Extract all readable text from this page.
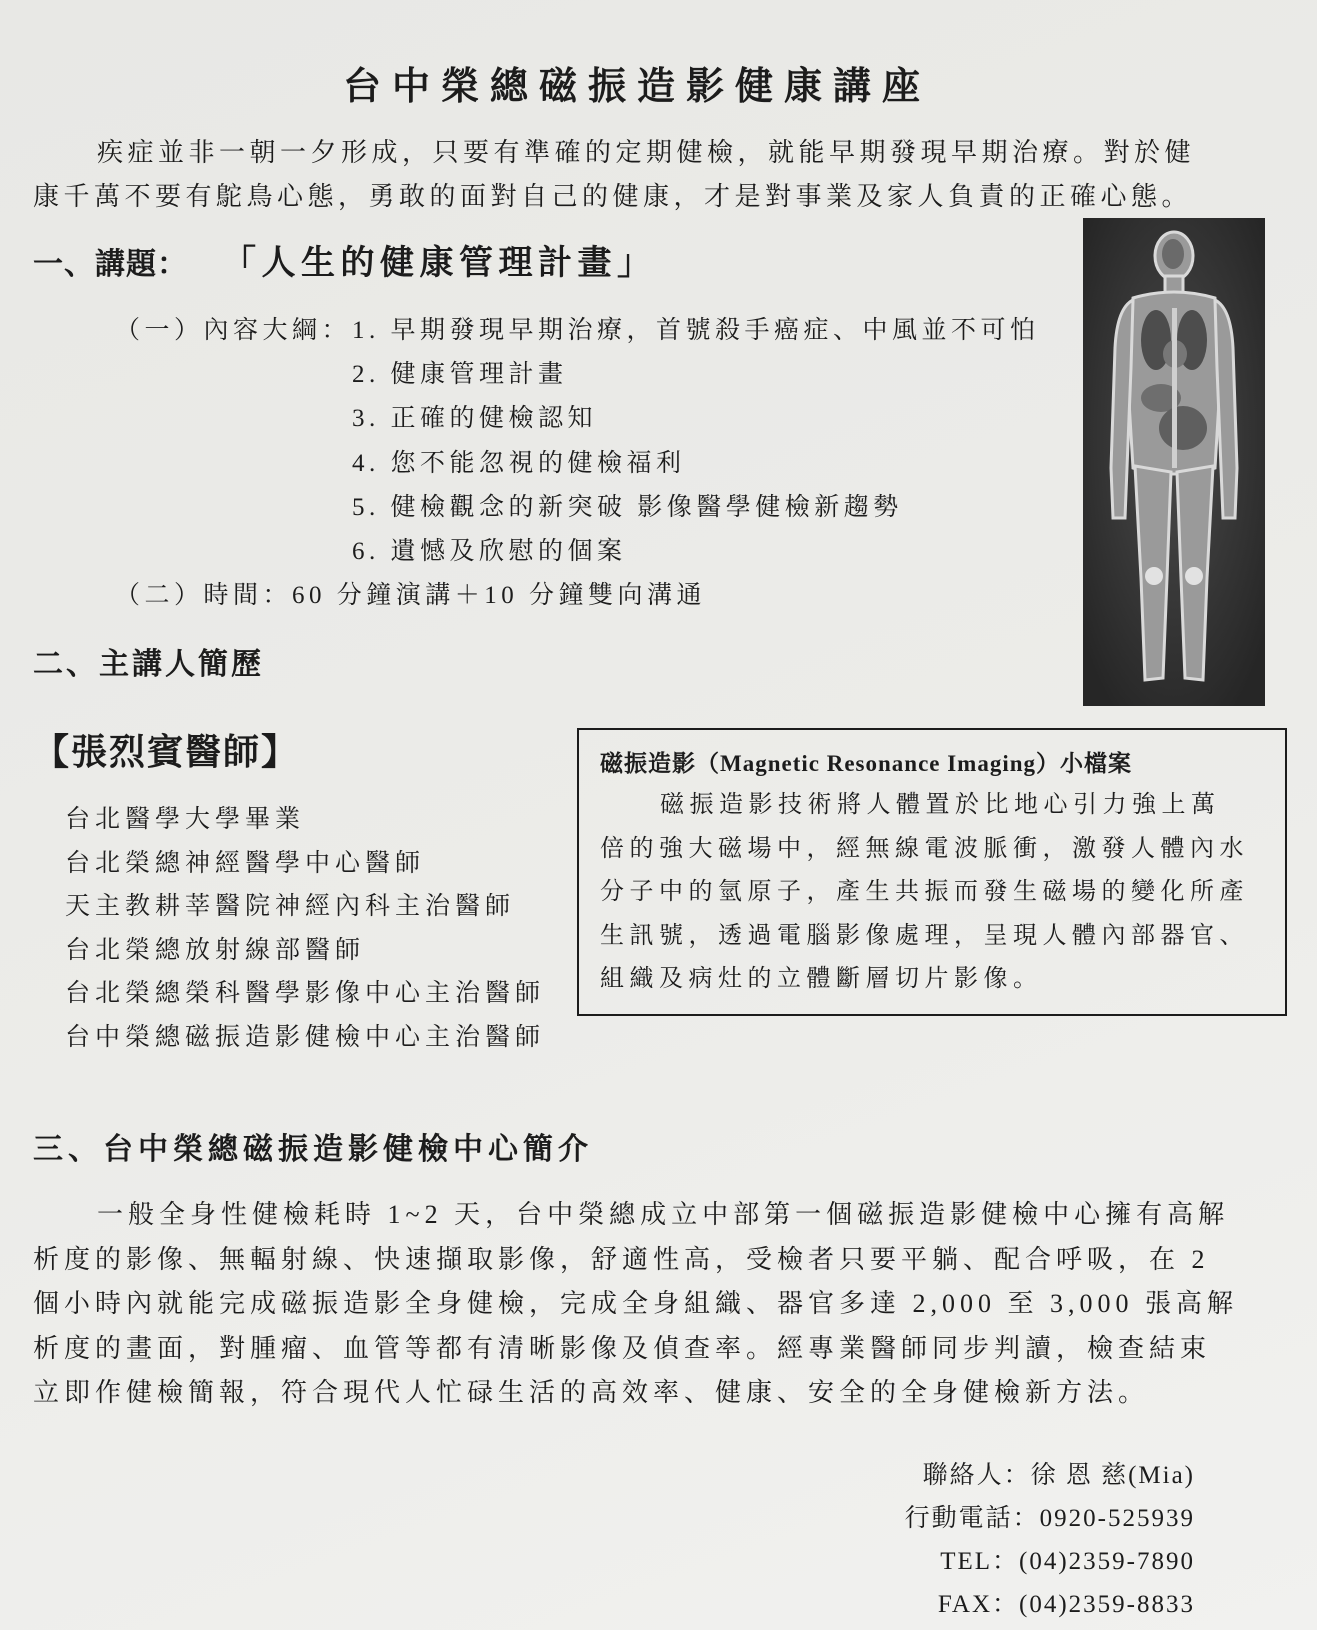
台中榮總磁振造影健康講座
疾症並非一朝一夕形成，只要有準確的定期健檢，就能早期發現早期治療。對於健
康千萬不要有鴕鳥心態，勇敢的面對自己的健康，才是對事業及家人負責的正確心態。
一、講題： 「人生的健康管理計畫」
（一）內容大綱： 1. 早期發現早期治療，首號殺手癌症、中風並不可怕
2. 健康管理計畫
3. 正確的健檢認知
4. 您不能忽視的健檢福利
5. 健檢觀念的新突破 影像醫學健檢新趨勢
6. 遺憾及欣慰的個案
（二）時間：60 分鐘演講＋10 分鐘雙向溝通
二、主講人簡歷
【張烈賓醫師】
台北醫學大學畢業
台北榮總神經醫學中心醫師
天主教耕莘醫院神經內科主治醫師
台北榮總放射線部醫師
台北榮總榮科醫學影像中心主治醫師
台中榮總磁振造影健檢中心主治醫師
磁振造影（Magnetic Resonance Imaging）小檔案
磁振造影技術將人體置於比地心引力強上萬
倍的強大磁場中，經無線電波脈衝，激發人體內水
分子中的氫原子，產生共振而發生磁場的變化所產
生訊號，透過電腦影像處理，呈現人體內部器官、
組織及病灶的立體斷層切片影像。
三、台中榮總磁振造影健檢中心簡介
一般全身性健檢耗時 1~2 天，台中榮總成立中部第一個磁振造影健檢中心擁有高解
析度的影像、無輻射線、快速擷取影像，舒適性高，受檢者只要平躺、配合呼吸，在 2
個小時內就能完成磁振造影全身健檢，完成全身組織、器官多達 2,000 至 3,000 張高解
析度的畫面，對腫瘤、血管等都有清晰影像及偵查率。經專業醫師同步判讀，檢查結束
立即作健檢簡報，符合現代人忙碌生活的高效率、健康、安全的全身健檢新方法。
聯絡人：徐 恩 慈(Mia)
行動電話：0920-525939
TEL：(04)2359-7890
FAX：(04)2359-8833
